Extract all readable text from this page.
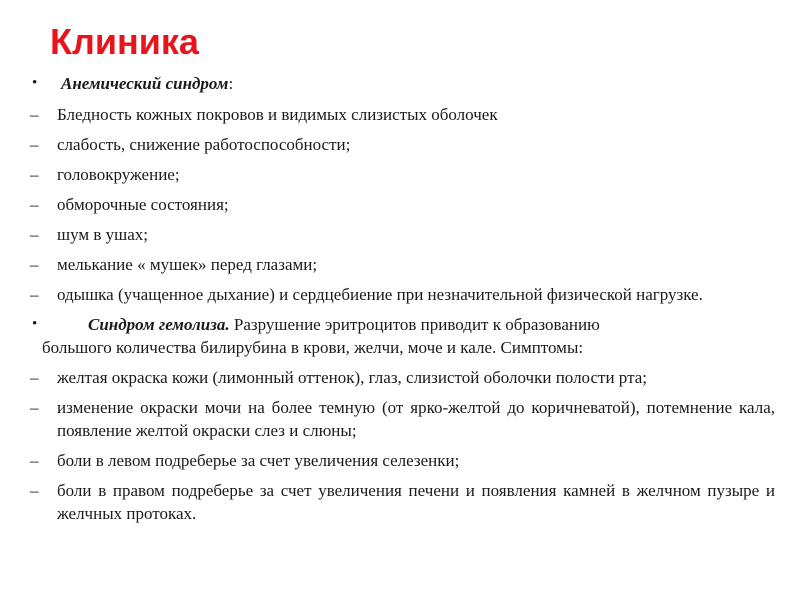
Клиника
•	Анемический синдром:
–	Бледность кожных покровов и видимых слизистых оболочек
–	слабость, снижение работоспособности;
–	головокружение;
–	обморочные состояния;
–	шум в ушах;
–	мелькание « мушек» перед глазами;
–	одышка (учащенное дыхание) и сердцебиение при незначительной физической нагрузке.
•	Синдром гемолиза. Разрушение эритроцитов приводит к образованию
большого количества билирубина в крови, желчи, моче и кале. Симптомы:
–	желтая окраска кожи (лимонный оттенок), глаз, слизистой оболочки полости рта;
–	изменение окраски мочи на более темную (от ярко-желтой до коричневатой), потемнение кала, появление желтой окраски слез и слюны;
–	боли в левом подреберье за счет увеличения селезенки;
–	боли в правом подреберье за счет увеличения печени и появления камней в желчном пузыре и желчных протоках.
